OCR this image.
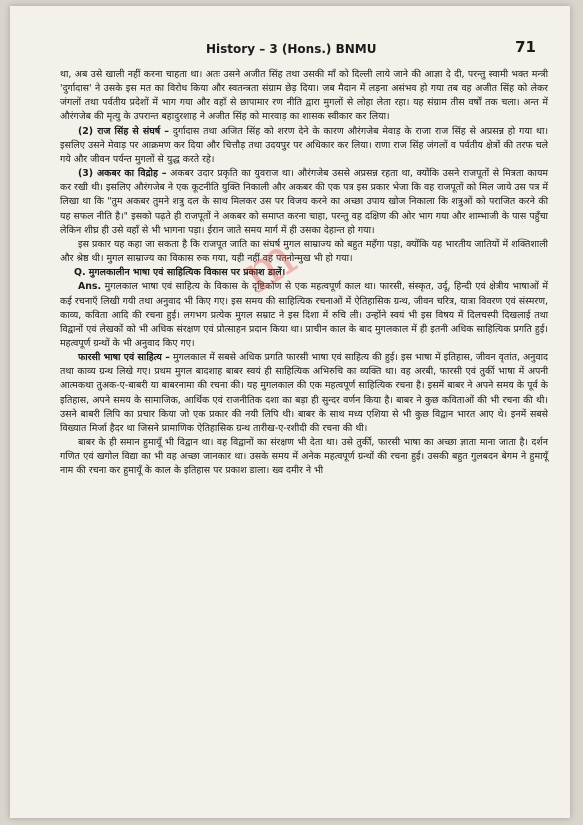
History – 3 (Hons.) BNMU	71

था, अब उसे खाली नहीं करना चाहता था। अतः उसने अजीत सिंह तथा उसकी माँ को दिल्ली लाये जाने की आज्ञा दे दी, परन्तु स्वामी भक्त मन्त्री 'दुर्गादास' ने उसके इस मत का विरोध किया और स्वतन्त्रता संग्राम छेड़ दिया। जब मैदान में लड़ना असंभव हो गया तब वह अजीत सिंह को लेकर जंगलों तथा पर्वतीय प्रदेशों में भाग गया और वहाँ से छापामार रण नीति द्वारा मुगलों से लोहा लेता रहा। यह संग्राम तीस वर्षों तक चला। अन्त में औरंगजेब की मृत्यु के उपरान्त बहादुरशाह ने अजीत सिंह को मारवाड़ का शासक स्वीकार कर लिया।

(2) राज सिंह से संघर्ष – दुर्गादास तथा अजित सिंह को शरण देने के कारण औरंगजेब मेवाड़ के राजा राज सिंह से अप्रसन्न हो गया था। इसलिए उसने मेवाड़ पर आक्रमण कर दिया और चित्तौड़ तथा उदयपुर पर अधिकार कर लिया। राणा राज सिंह जंगलों व पर्वतीय क्षेत्रों की तरफ चले गये और जीवन पर्यन्त मुगलों से युद्ध करते रहे।

(3) अकबर का विद्रोह – अकबर उदार प्रकृति का युवराज था। औरंगजेब उससे अप्रसन्न रहता था, क्योंकि उसने राजपूतों से मित्रता कायम कर रखी थी। इसलिए औरंगजेब ने एक कूटनीति युक्ति निकाली और अकबर की एक पत्र इस प्रकार भेजा कि वह राजपूतों को मिल जाये उस पत्र में लिखा था कि "तुम अकबर तुमने शत्रु दल के साथ मिलकर उस पर विजय करने का अच्छा उपाय खोज निकाला कि शत्रुओं को पराजित करने की यह सफल नीति है।" इसको पढ़ते ही राजपूतों ने अकबर को समाप्त करना चाहा, परन्तु वह दक्षिण की ओर भाग गया और शाम्भाजी के पास पहुँचा लेकिन शीघ्र ही उसे वहाँ से भी भागना पड़ा। ईरान जाते समय मार्ग में ही उसका देहान्त हो गया।

इस प्रकार यह कहा जा सकता है कि राजपूत जाति का संघर्ष मुगल साम्राज्य को बहुत महँगा पड़ा, क्योंकि यह भारतीय जातियों में शक्तिशाली और श्रेष्ठ थी। मुगल साम्राज्य का विकास रुक गया, यही नहीं वह पतनोन्मुख भी हो गया।

Q. मुगलकालीन भाषा एवं साहित्यिक विकास पर प्रकाश डालें।

Ans. मुगलकाल भाषा एवं साहित्य के विकास के दृष्टिकोण से एक महत्वपूर्ण काल था। फारसी, संस्कृत, उर्दू, हिन्दी एवं क्षेत्रीय भाषाओं में कई रचनाएँ लिखी गयी तथा अनुवाद भी किए गए। इस समय की साहित्यिक रचनाओं में ऐतिहासिक ग्रन्थ, जीवन चरित्र, यात्रा विवरण एवं संस्मरण, काव्य, कविता आदि की रचना हुई। लगभग प्रत्येक मुगल सम्राट ने इस दिशा में रुचि ली। उन्होंने स्वयं भी इस विषय में दिलचस्पी दिखलाई तथा विद्वानों एवं लेखकों को भी अधिक संरक्षण एवं प्रोत्साहन प्रदान किया था। प्राचीन काल के बाद मुगलकाल में ही इतनी अधिक साहित्यिक प्रगति हुई। महत्वपूर्ण ग्रन्थों के भी अनुवाद किए गए।

फारसी भाषा एवं साहित्य – मुगलकाल में सबसे अधिक प्रगति फारसी भाषा एवं साहित्य की हुई। इस भाषा में इतिहास, जीवन वृतांत, अनुवाद तथा काव्य ग्रन्थ लिखे गए। प्रथम मुगल बादशाह बाबर स्वयं ही साहित्यिक अभिरुचि का व्यक्ति था। वह अरबी, फारसी एवं तुर्की भाषा में अपनी आत्मकथा तुअक-ए-बाबरी या बाबरनामा की रचना की। यह मुगलकाल की एक महत्वपूर्ण साहित्यिक रचना है। इसमें बाबर ने अपने समय के पूर्व के इतिहास, अपने समय के सामाजिक, आर्थिक एवं राजनीतिक दशा का बड़ा ही सुन्दर वर्णन किया है। बाबर ने कुछ कविताओं की भी रचना की थी। उसने बाबरी लिपि का प्रचार किया जो एक प्रकार की नयी लिपि थी। बाबर के साथ मध्य एशिया से भी कुछ विद्वान भारत आए थे। इनमें सबसे विख्यात मिर्जा हैदर था जिसने प्रामाणिक ऐतिहासिक ग्रन्थ तारीख-ए-रशीदी की रचना की थी।

बाबर के ही समान हुमायूँ भी विद्वान था। वह विद्वानों का संरक्षण भी देता था। उसे तुर्की, फारसी भाषा का अच्छा ज्ञाता माना जाता है। दर्शन गणित एवं खगोल विद्या का भी वह अच्छा जानकार था। उसके समय में अनेक महत्वपूर्ण ग्रन्थों की रचना हुई। उसकी बहुत गुलबदन बेगम ने हुमायूँ नाम की रचना कर हुमायूँ के काल के इतिहास पर प्रकाश डाला। ख्व दमीर ने भी

m
